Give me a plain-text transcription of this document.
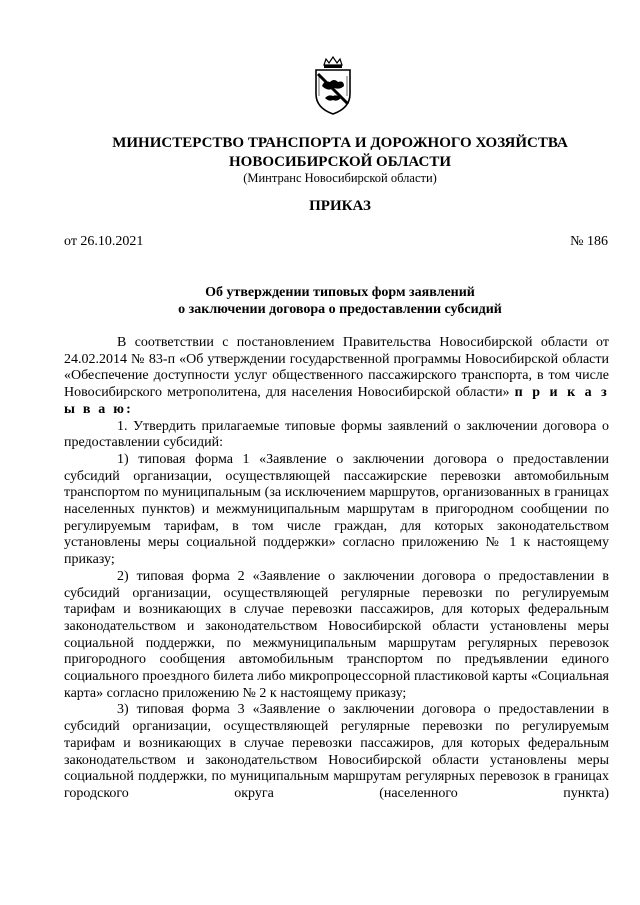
МИНИСТЕРСТВО ТРАНСПОРТА И ДОРОЖНОГО ХОЗЯЙСТВА
НОВОСИБИРСКОЙ ОБЛАСТИ
(Минтранс Новосибирской области)
ПРИКАЗ
от 26.10.2021	№ 186
Об утверждении типовых форм заявлений
о заключении договора о предоставлении субсидий

В соответствии с постановлением Правительства Новосибирской области от 24.02.2014 № 83-п «Об утверждении государственной программы Новосибирской области «Обеспечение доступности услуг общественного пассажирского транспорта, в том числе Новосибирского метрополитена, для населения Новосибирской области» п р и к а з ы в а ю:

1. Утвердить прилагаемые типовые формы заявлений о заключении договора о предоставлении субсидий:

1) типовая форма 1 «Заявление о заключении договора о предоставлении субсидий организации, осуществляющей пассажирские перевозки автомобильным транспортом по муниципальным (за исключением маршрутов, организованных в границах населенных пунктов) и межмуниципальным маршрутам в пригородном сообщении по регулируемым тарифам, в том числе граждан, для которых законодательством установлены меры социальной поддержки» согласно приложению № 1 к настоящему приказу;

2) типовая форма 2 «Заявление о заключении договора о предоставлении в субсидий организации, осуществляющей регулярные перевозки по регулируемым тарифам и возникающих в случае перевозки пассажиров, для которых федеральным законодательством и законодательством Новосибирской области установлены меры социальной поддержки, по межмуниципальным маршрутам регулярных перевозок пригородного сообщения автомобильным транспортом по предъявлении единого социального проездного билета либо микропроцессорной пластиковой карты «Социальная карта» согласно приложению № 2 к настоящему приказу;

3) типовая форма 3 «Заявление о заключении договора о предоставлении в субсидий организации, осуществляющей регулярные перевозки по регулируемым тарифам и возникающих в случае перевозки пассажиров, для которых федеральным законодательством и законодательством Новосибирской области установлены меры социальной поддержки, по муниципальным маршрутам регулярных перевозок в границах городского округа (населенного пункта)
